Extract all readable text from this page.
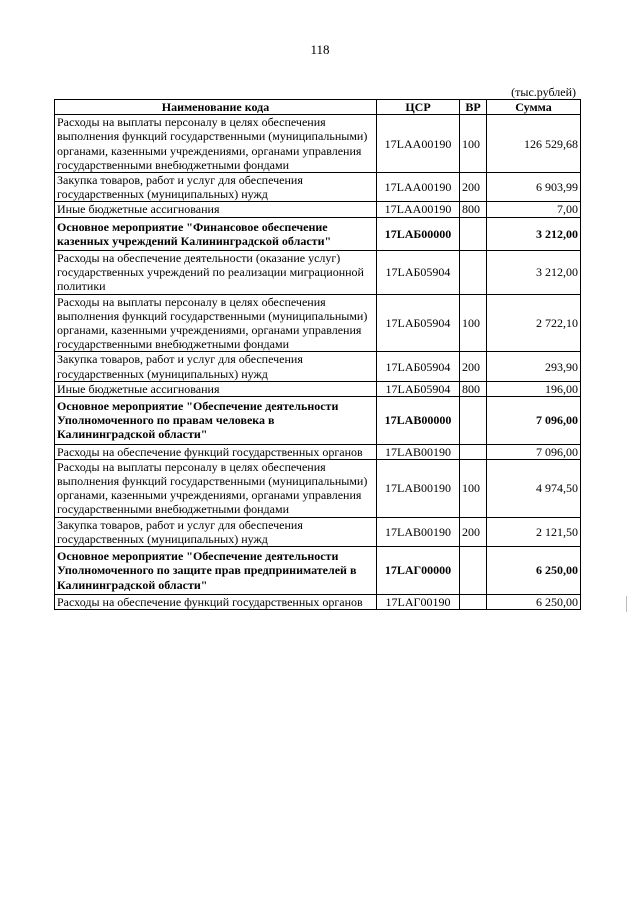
118
(тыс.рублей)
Наименование кода	ЦСР	ВР	Сумма
Расходы на выплаты персоналу в целях обеспечения выполнения функций государственными (муниципальными) органами, казенными учреждениями, органами управления государственными внебюджетными фондами	17LАА00190	100	126 529,68
Закупка товаров, работ и услуг для обеспечения государственных (муниципальных) нужд	17LАА00190	200	6 903,99
Иные бюджетные ассигнования	17LАА00190	800	7,00
Основное мероприятие "Финансовое обеспечение казенных учреждений Калининградской области"	17LАБ00000		3 212,00
Расходы на обеспечение деятельности (оказание услуг) государственных учреждений по реализации миграционной политики	17LАБ05904		3 212,00
Расходы на выплаты персоналу в целях обеспечения выполнения функций государственными (муниципальными) органами, казенными учреждениями, органами управления государственными внебюджетными фондами	17LАБ05904	100	2 722,10
Закупка товаров, работ и услуг для обеспечения государственных (муниципальных) нужд	17LАБ05904	200	293,90
Иные бюджетные ассигнования	17LАБ05904	800	196,00
Основное мероприятие "Обеспечение деятельности Уполномоченного по правам человека в Калининградской области"	17LАВ00000		7 096,00
Расходы на обеспечение функций государственных органов	17LАВ00190		7 096,00
Расходы на выплаты персоналу в целях обеспечения выполнения функций государственными (муниципальными) органами, казенными учреждениями, органами управления государственными внебюджетными фондами	17LАВ00190	100	4 974,50
Закупка товаров, работ и услуг для обеспечения государственных (муниципальных) нужд	17LАВ00190	200	2 121,50
Основное мероприятие "Обеспечение деятельности Уполномоченного по защите прав предпринимателей в Калининградской области"	17LАГ00000		6 250,00
Расходы на обеспечение функций государственных органов	17LАГ00190		6 250,00
